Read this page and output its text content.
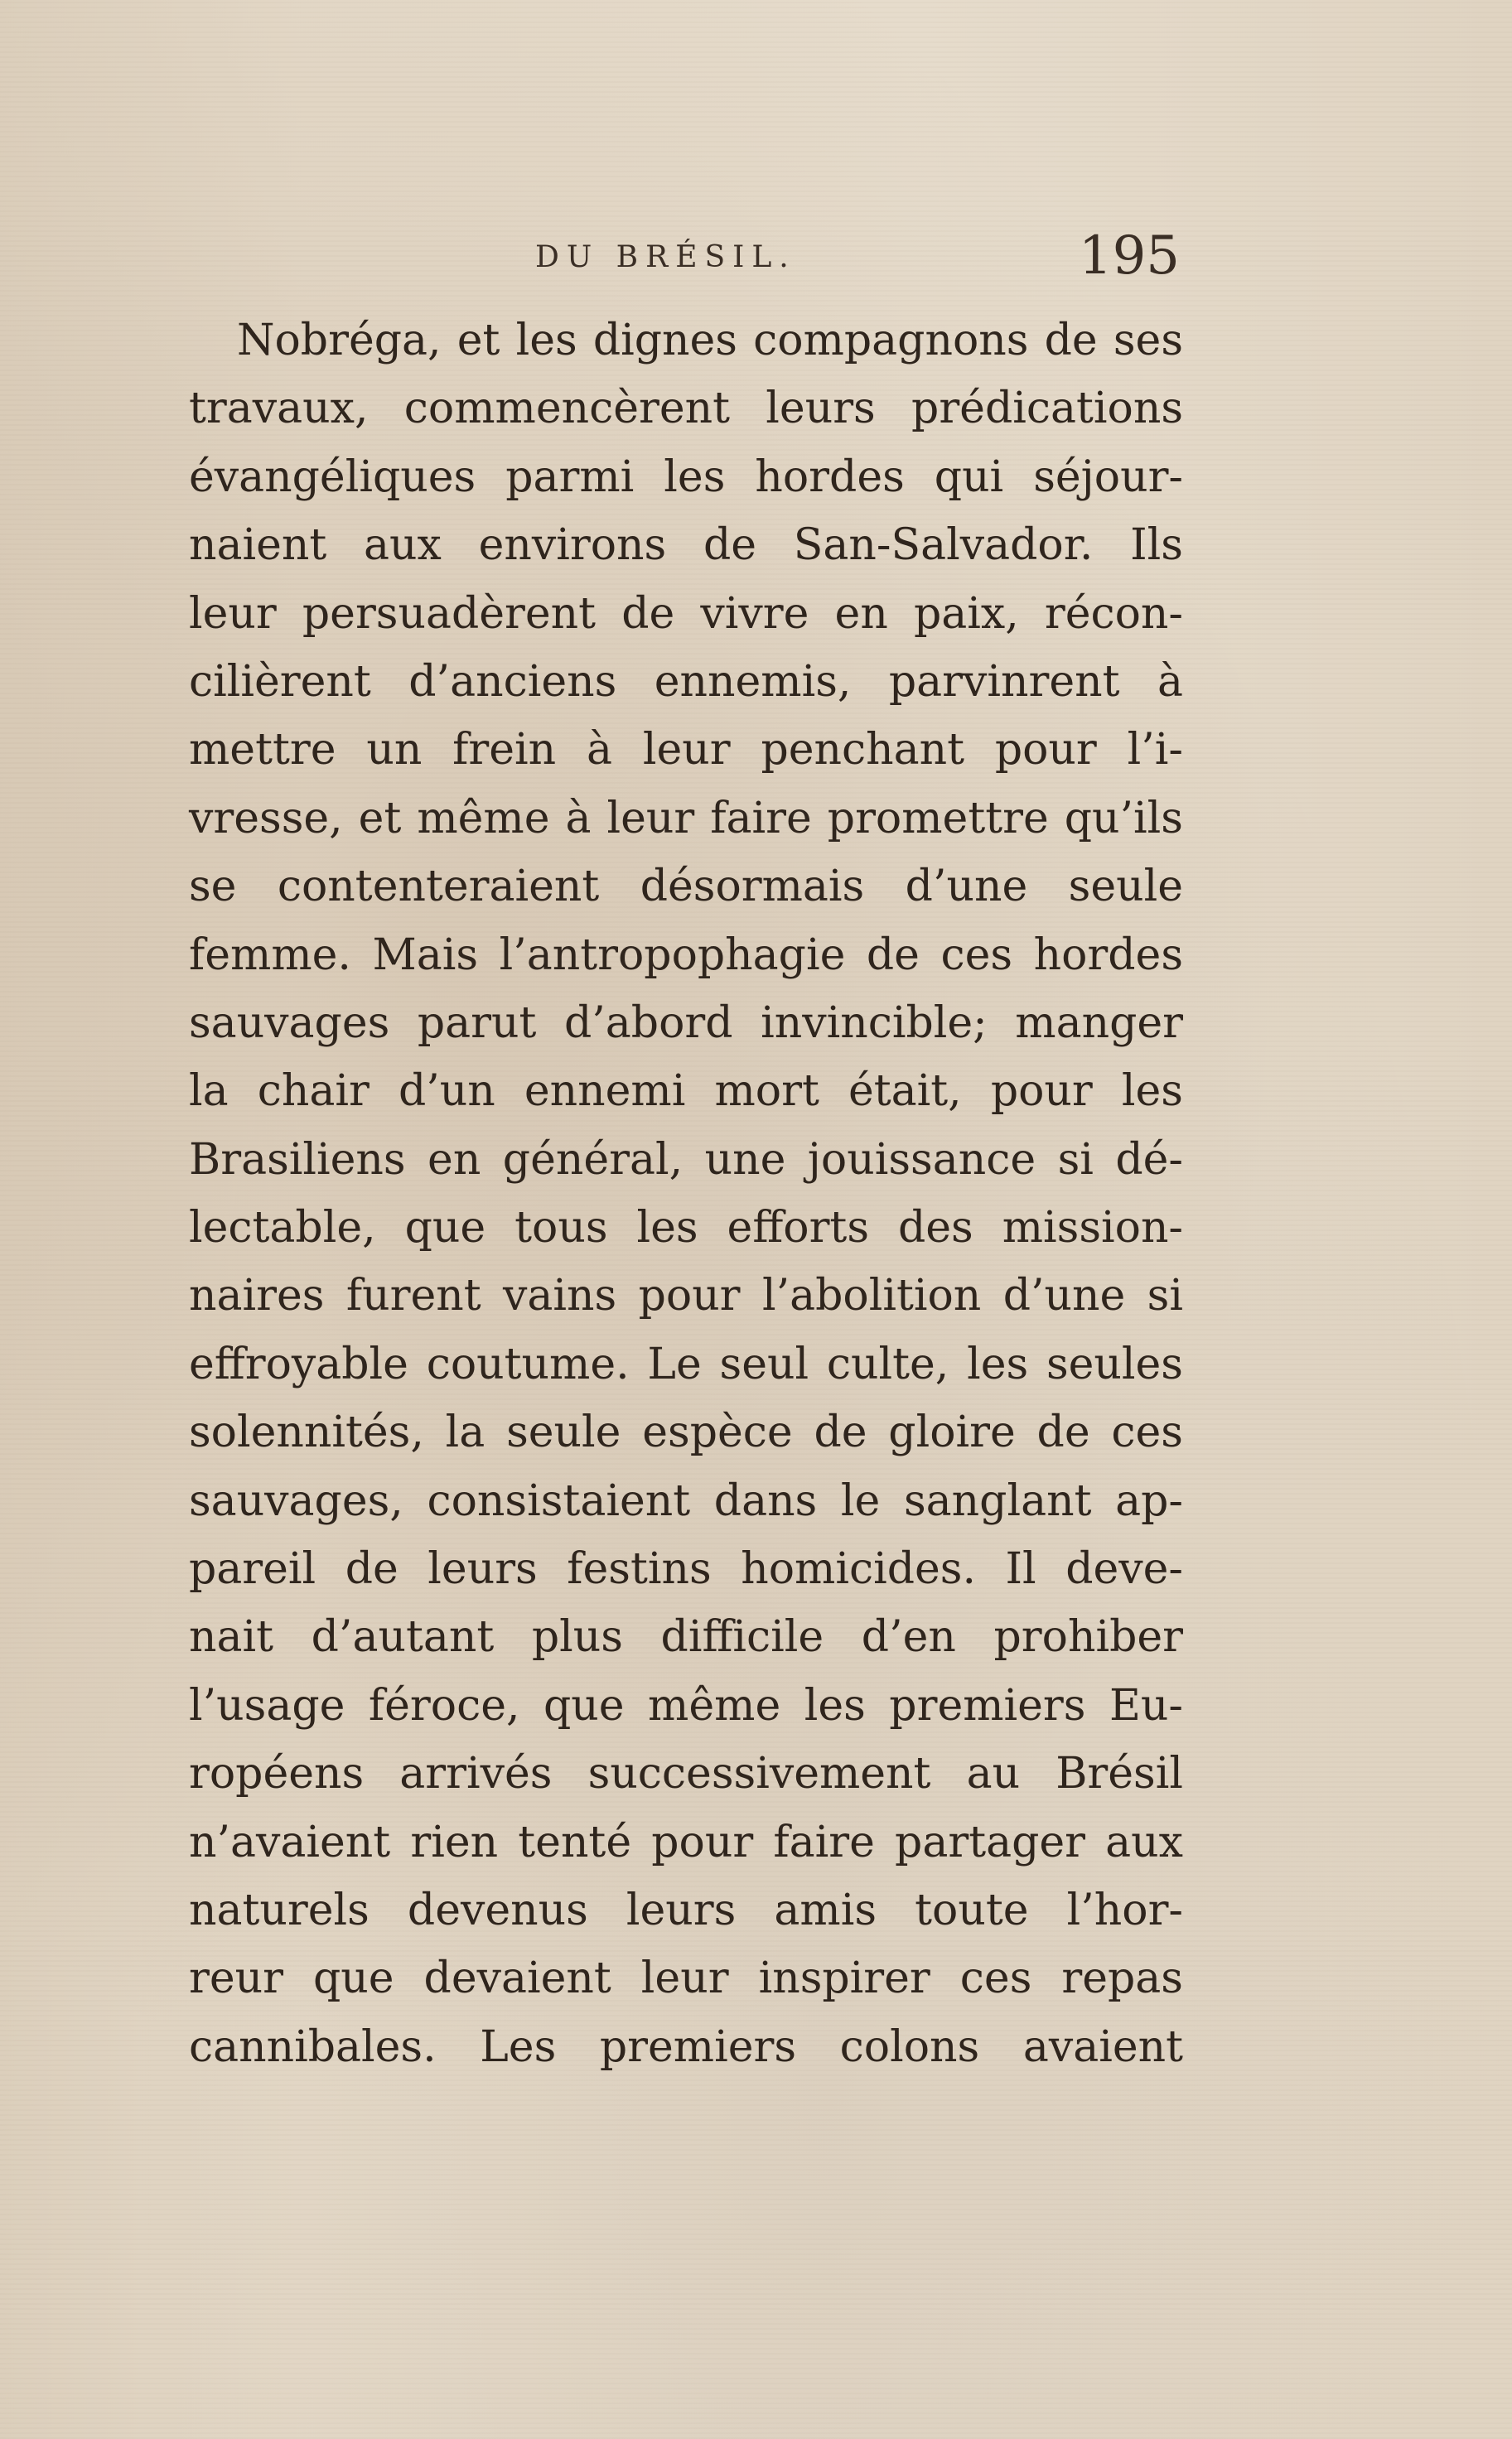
DU BRÉSIL.	195
Nobréga, et les dignes compagnons de ses
travaux, commencèrent leurs prédications
évangéliques parmi les hordes qui séjour-
naient aux environs de San-Salvador. Ils
leur persuadèrent de vivre en paix, récon-
cilièrent d’anciens ennemis, parvinrent à
mettre un frein à leur penchant pour l’i-
vresse, et même à leur faire promettre qu’ils
se contenteraient désormais d’une seule
femme. Mais l’antropophagie de ces hordes
sauvages parut d’abord invincible; manger
la chair d’un ennemi mort était, pour les
Brasiliens en général, une jouissance si dé-
lectable, que tous les efforts des mission-
naires furent vains pour l’abolition d’une si
effroyable coutume. Le seul culte, les seules
solennités, la seule espèce de gloire de ces
sauvages, consistaient dans le sanglant ap-
pareil de leurs festins homicides. Il deve-
nait d’autant plus difficile d’en prohiber
l’usage féroce, que même les premiers Eu-
ropéens arrivés successivement au Brésil
n’avaient rien tenté pour faire partager aux
naturels devenus leurs amis toute l’hor-
reur que devaient leur inspirer ces repas
cannibales. Les premiers colons avaient
